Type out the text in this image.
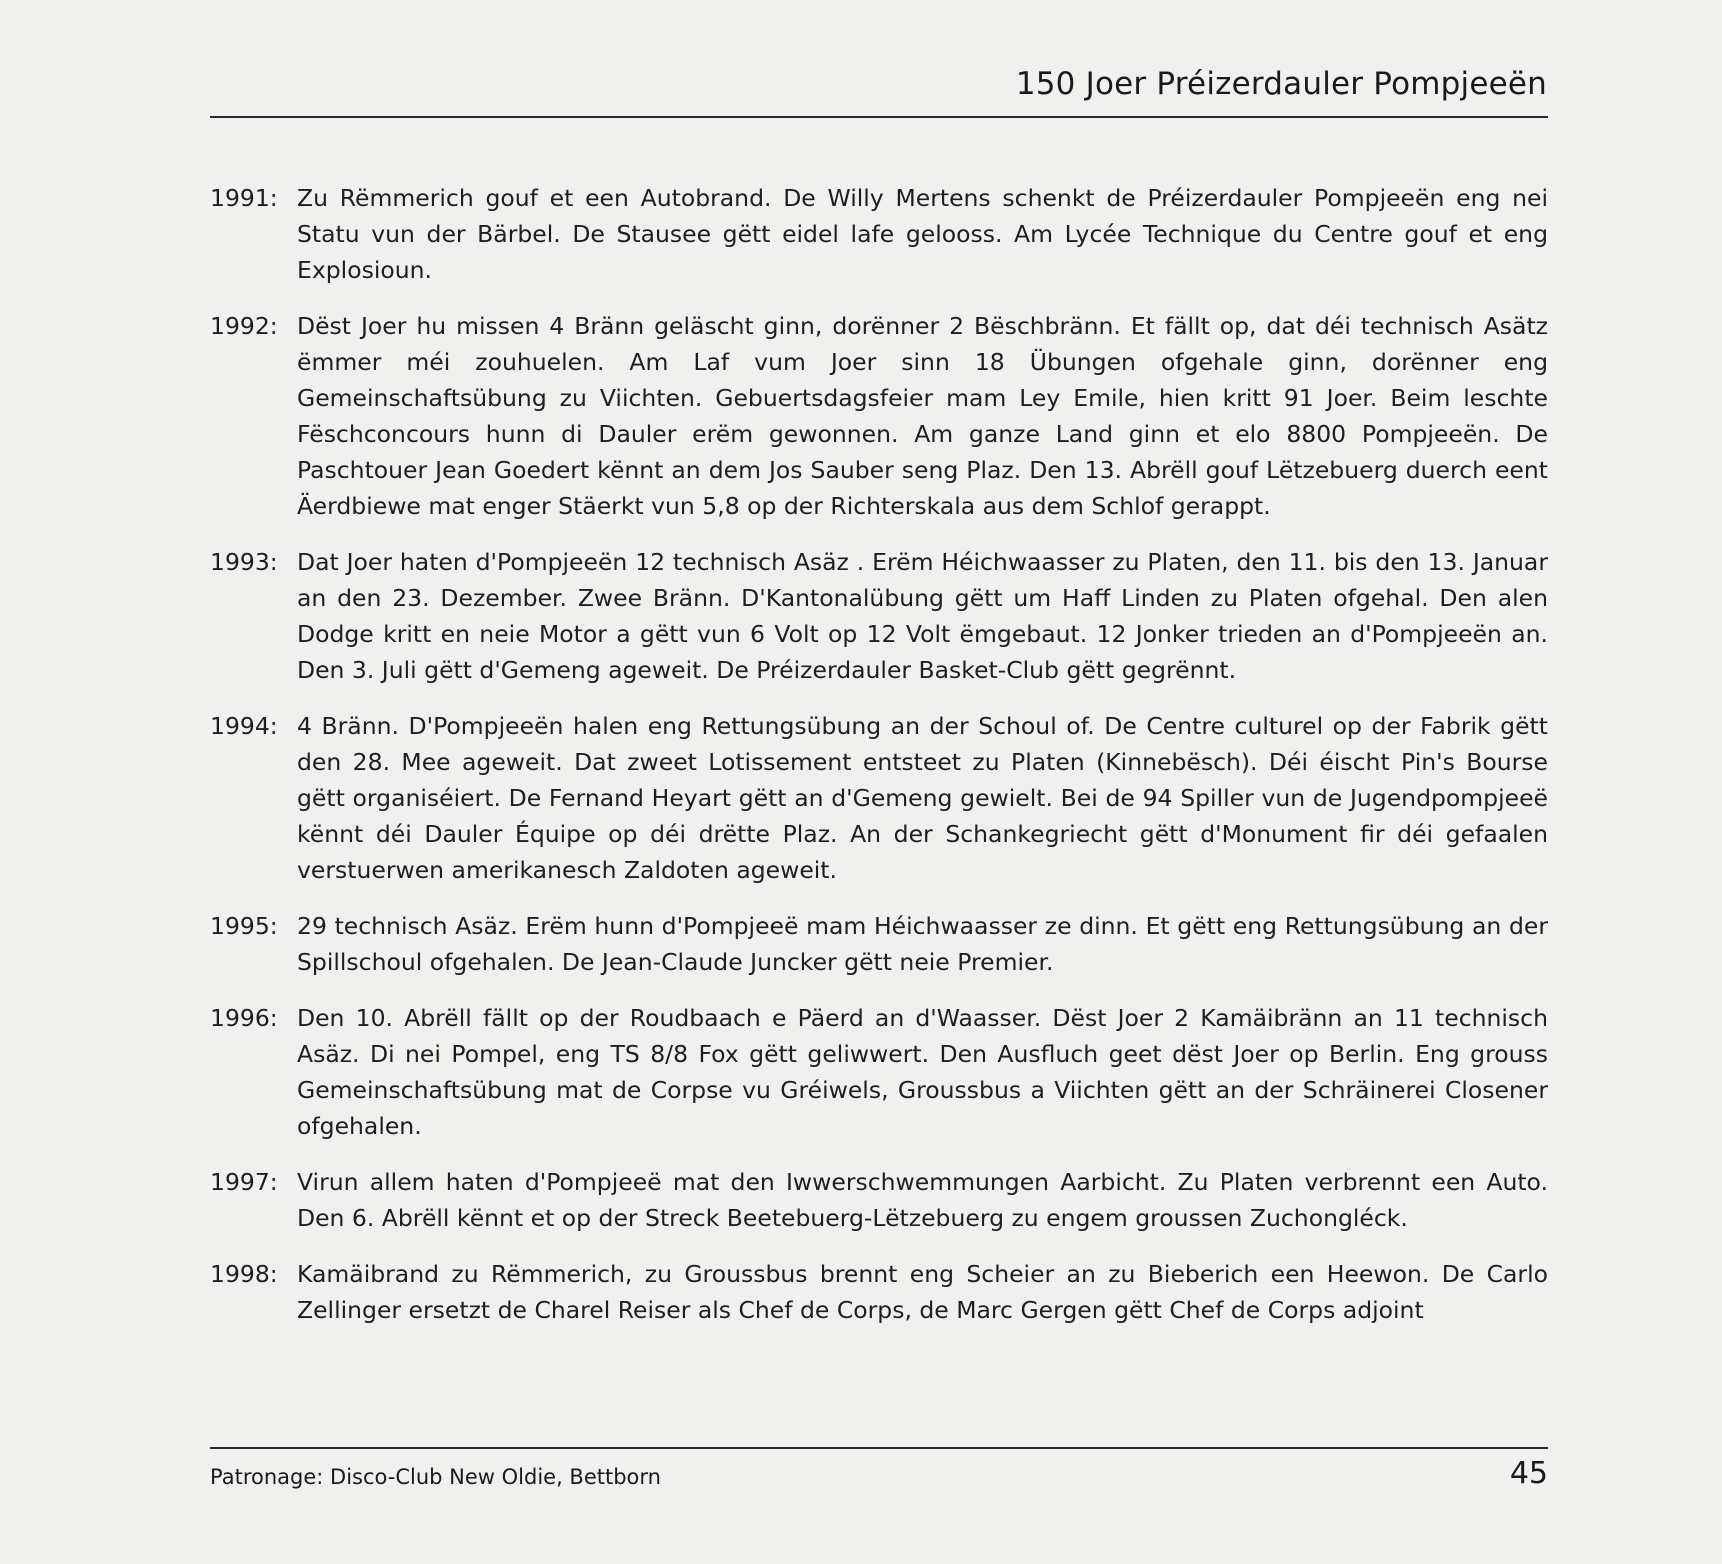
150 Joer Préizerdauler Pompjeeën
1991: Zu Rëmmerich gouf et een Autobrand. De Willy Mertens schenkt de Préizerdauler Pompjeeën eng nei Statu vun der Bärbel. De Stausee gëtt eidel lafe gelooss. Am Lycée Technique du Centre gouf et eng Explosioun.
1992: Dëst Joer hu missen 4 Bränn geläscht ginn, dorënner 2 Bëschbränn. Et fällt op, dat déi technisch Asätz ëmmer méi zouhuelen. Am Laf vum Joer sinn 18 Übungen ofgehale ginn, dorënner eng Gemeinschaftsübung zu Viichten. Gebuertsdagsfeier mam Ley Emile, hien kritt 91 Joer. Beim leschte Fëschconcours hunn di Dauler erëm gewonnen. Am ganze Land ginn et elo 8800 Pompjeeën. De Paschtouer Jean Goedert kënnt an dem Jos Sauber seng Plaz. Den 13. Abrëll gouf Lëtzebuerg duerch eent Äerdbiewe mat enger Stäerkt vun 5,8 op der Richterskala aus dem Schlof gerappt.
1993: Dat Joer haten d'Pompjeeën 12 technisch Asäz . Erëm Héichwaasser zu Platen, den 11. bis den 13. Januar an den 23. Dezember. Zwee Bränn. D'Kantonalübung gëtt um Haff Linden zu Platen ofgehal. Den alen Dodge kritt en neie Motor a gëtt vun 6 Volt op 12 Volt ëmgebaut. 12 Jonker trieden an d'Pompjeeën an. Den 3. Juli gëtt d'Gemeng ageweit. De Préizerdauler Basket-Club gëtt gegrënnt.
1994: 4 Bränn. D'Pompjeeën halen eng Rettungsübung an der Schoul of. De Centre culturel op der Fabrik gëtt den 28. Mee ageweit. Dat zweet Lotissement entsteet zu Platen (Kinnebësch). Déi éischt Pin's Bourse gëtt organiséiert. De Fernand Heyart gëtt an d'Gemeng gewielt. Bei de 94 Spiller vun de Jugendpompjeeë kënnt déi Dauler Équipe op déi drëtte Plaz. An der Schankegriecht gëtt d'Monument fir déi gefaalen verstuerwen amerikanesch Zaldoten ageweit.
1995: 29 technisch Asäz. Erëm hunn d'Pompjeeë mam Héichwaasser ze dinn. Et gëtt eng Rettungsübung an der Spillschoul ofgehalen. De Jean-Claude Juncker gëtt neie Premier.
1996: Den 10. Abrëll fällt op der Roudbaach e Päerd an d'Waasser. Dëst Joer 2 Kamäibränn an 11 technisch Asäz. Di nei Pompel, eng TS 8/8 Fox gëtt geliwwert. Den Ausfluch geet dëst Joer op Berlin. Eng grouss Gemeinschaftsübung mat de Corpse vu Gréiwels, Groussbus a Viichten gëtt an der Schräinerei Closener ofgehalen.
1997: Virun allem haten d'Pompjeeë mat den Iwwerschwemmungen Aarbicht. Zu Platen verbrennt een Auto. Den 6. Abrëll kënnt et op der Streck Beetebuerg-Lëtzebuerg zu engem groussen Zuchongléck.
1998: Kamäibrand zu Rëmmerich, zu Groussbus brennt eng Scheier an zu Bieberich een Heewon. De Carlo Zellinger ersetzt de Charel Reiser als Chef de Corps, de Marc Gergen gëtt Chef de Corps adjoint
Patronage: Disco-Club New Oldie, Bettborn	45
